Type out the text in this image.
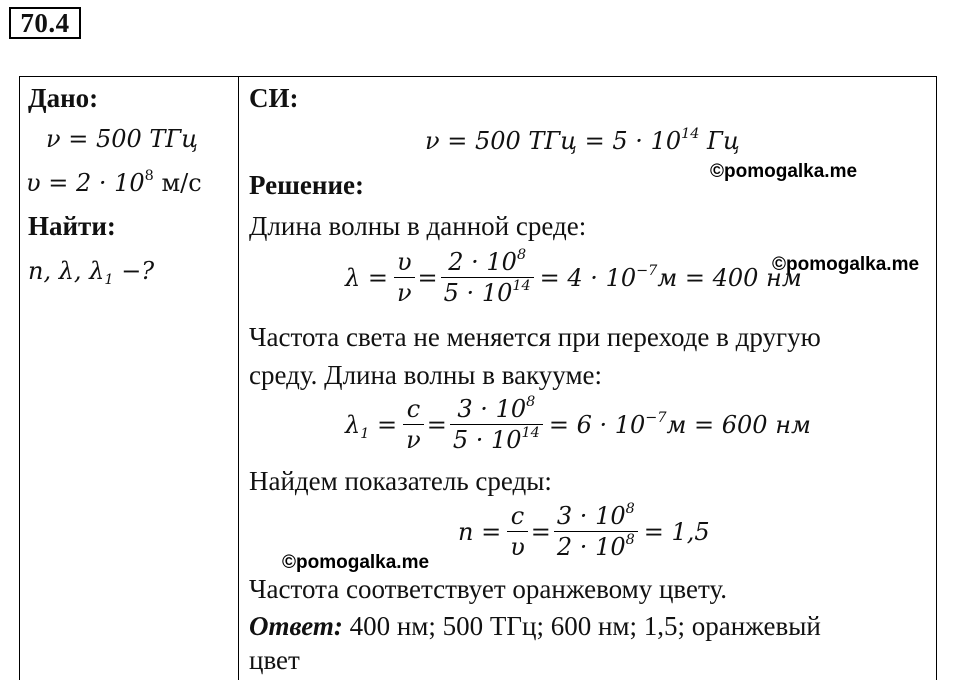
70.4
Дано:
ν = 500 ТГц
$\upsilon = 2 \cdot 10^8$ м/с
Найти:
n, λ, $\lambda_1$ −?
СИ:
ν = 500 ТГц = $5 \cdot 10^{14}$ Гц
©pomogalka.me
Решение:
Длина волны в данной среде:
©pomogalka.me
$\lambda = \frac{\upsilon}{\nu} = \frac{2 \cdot 10^8}{5 \cdot 10^{14}} = 4 \cdot 10^{-7}м = 400$ нм
Частота света не меняется при переходе в другую
среду. Длина волны в вакууме:
$\lambda_1 = \frac{c}{\nu} = \frac{3 \cdot 10^8}{5 \cdot 10^{14}} = 6 \cdot 10^{-7}м = 600$ нм
Найдем показатель среды:
$n = \frac{c}{\upsilon} = \frac{3 \cdot 10^8}{2 \cdot 10^8} = 1,5$
©pomogalka.me
Частота соответствует оранжевому цвету.
Ответ: 400 нм; 500 ТГц; 600 нм; 1,5; оранжевый
цвет
